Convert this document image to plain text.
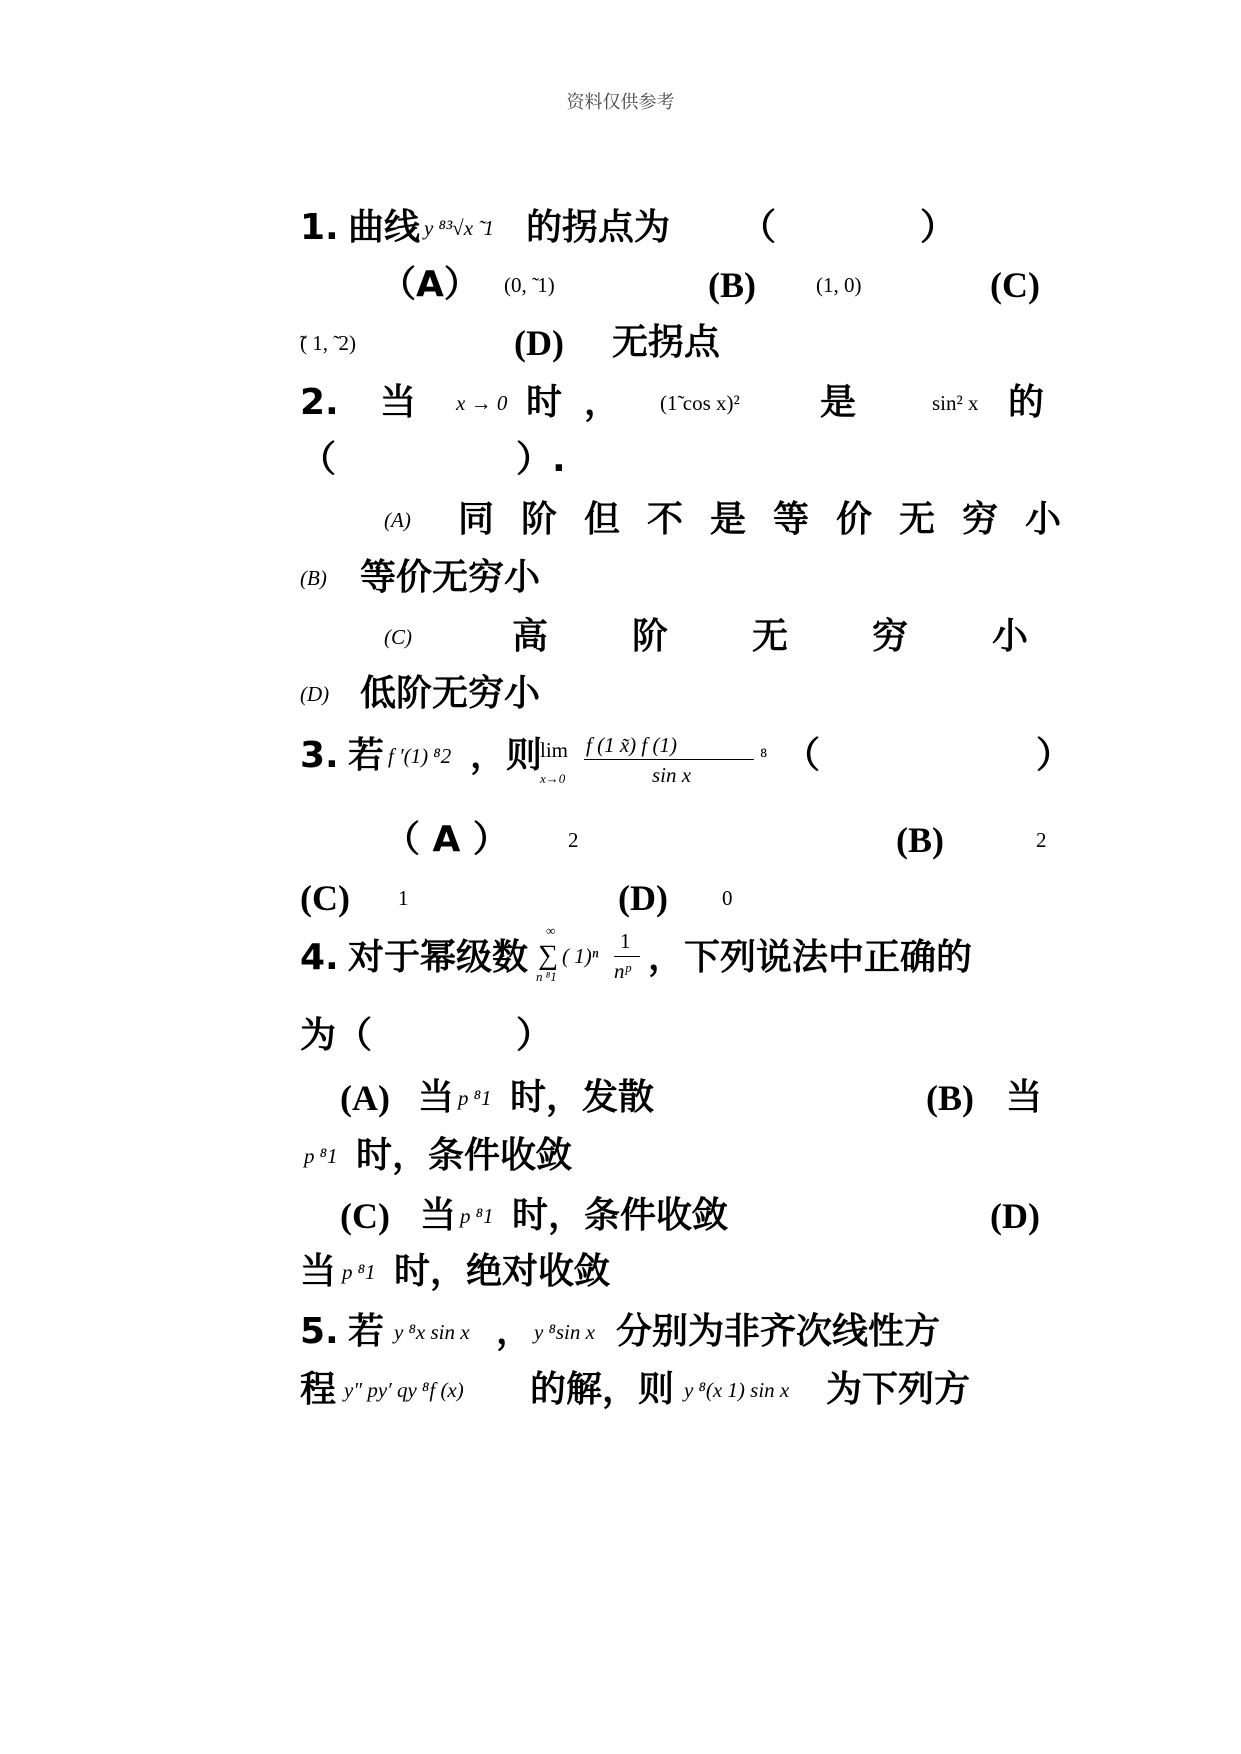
资料仅供参考
1. 曲线 y ⁸³√x ̃ 1 的拐点为 （　　　　）
（A） (0, ̃ 1)	(B)	(1, 0)	(C)
̃( 1, ̃ 2)	(D) 无拐点
2. 当 x → 0 时 ， (1̃ cos x)² 是	sin² x 的
（　　　　　）.
(A) 同阶但不是等价无穷小
(B) 等价无穷小
(C)	高阶无穷小
(D) 低阶无穷小
3. 若 f ′(1) ⁸2 ，则
lim
x→0
f (1 x̃) f (1)
sin x
⁸ （　　　　　　）
（ A ）	2	(B)	2
(C) 1	(D)	0
4. 对于幂级数
∞
∑
n ⁸1
( 1)ⁿ
1
nᵖ ，下列说法中正确的
为（　　　　）
(A) 当 p ⁸1 时，发散	(B) 当
p ⁸1 时，条件收敛
(C) 当 p ⁸1 时，条件收敛	(D)
当 p ⁸1 时，绝对收敛
5. 若 y ⁸x sin x ， y ⁸sin x 分别为非齐次线性方
程 y″ py′ qy ⁸f (x) 的解，则 y ⁸(x 1) sin x 为下列方
